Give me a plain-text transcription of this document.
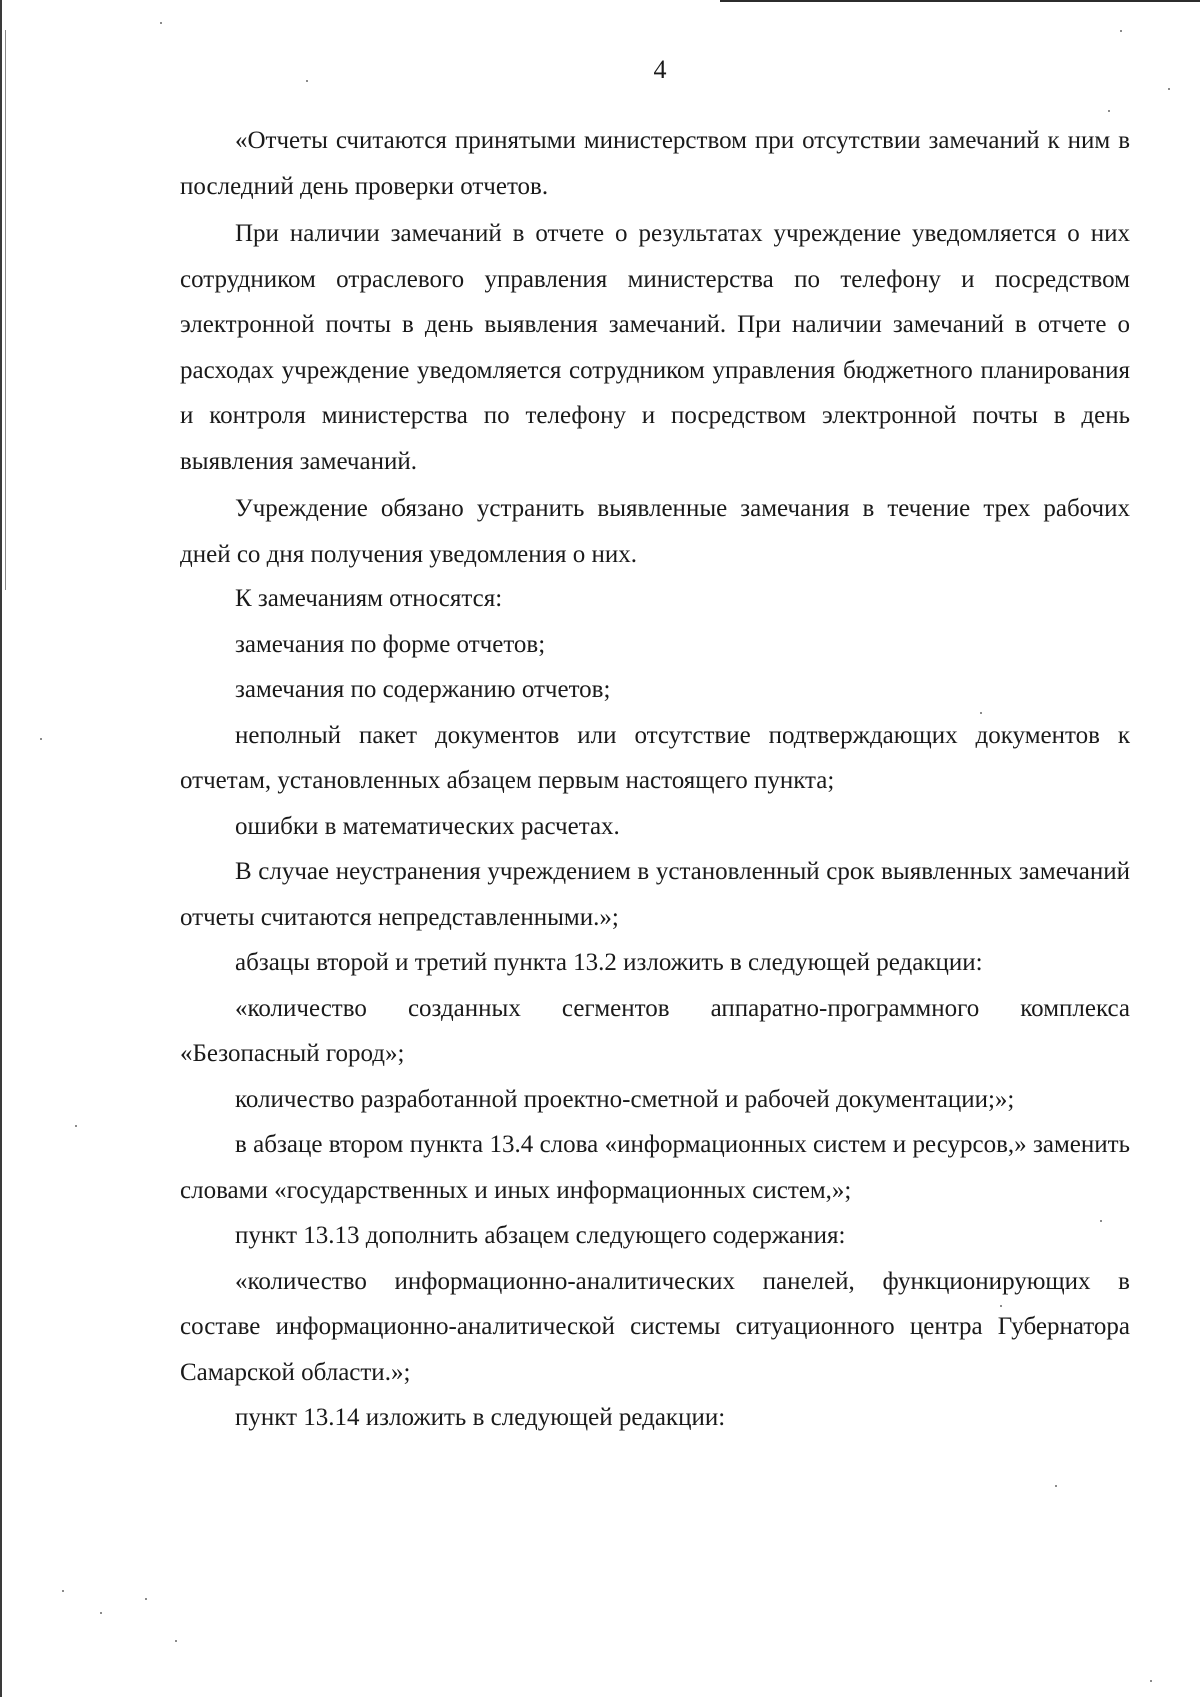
4

«Отчеты считаются принятыми министерством при отсутствии замечаний к ним в последний день проверки отчетов.

При наличии замечаний в отчете о результатах учреждение уведомляется о них сотрудником отраслевого управления министерства по телефону и посредством электронной почты в день выявления замечаний. При наличии замечаний в отчете о расходах учреждение уведомляется сотрудником управления бюджетного планирования и контроля министерства по телефону и посредством электронной почты в день выявления замечаний.

Учреждение обязано устранить выявленные замечания в течение трех рабочих дней со дня получения уведомления о них.

К замечаниям относятся:

замечания по форме отчетов;

замечания по содержанию отчетов;

неполный пакет документов или отсутствие подтверждающих документов к отчетам, установленных абзацем первым настоящего пункта;

ошибки в математических расчетах.

В случае неустранения учреждением в установленный срок выявленных замечаний отчеты считаются непредставленными.»;

абзацы второй и третий пункта 13.2 изложить в следующей редакции:

«количество созданных сегментов аппаратно-программного комплекса «Безопасный город»;

количество разработанной проектно-сметной и рабочей документации;»;

в абзаце втором пункта 13.4 слова «информационных систем и ресурсов,» заменить словами «государственных и иных информационных систем,»;

пункт 13.13 дополнить абзацем следующего содержания:

«количество информационно-аналитических панелей, функционирующих в составе информационно-аналитической системы ситуационного центра Губернатора Самарской области.»;

пункт 13.14 изложить в следующей редакции:
